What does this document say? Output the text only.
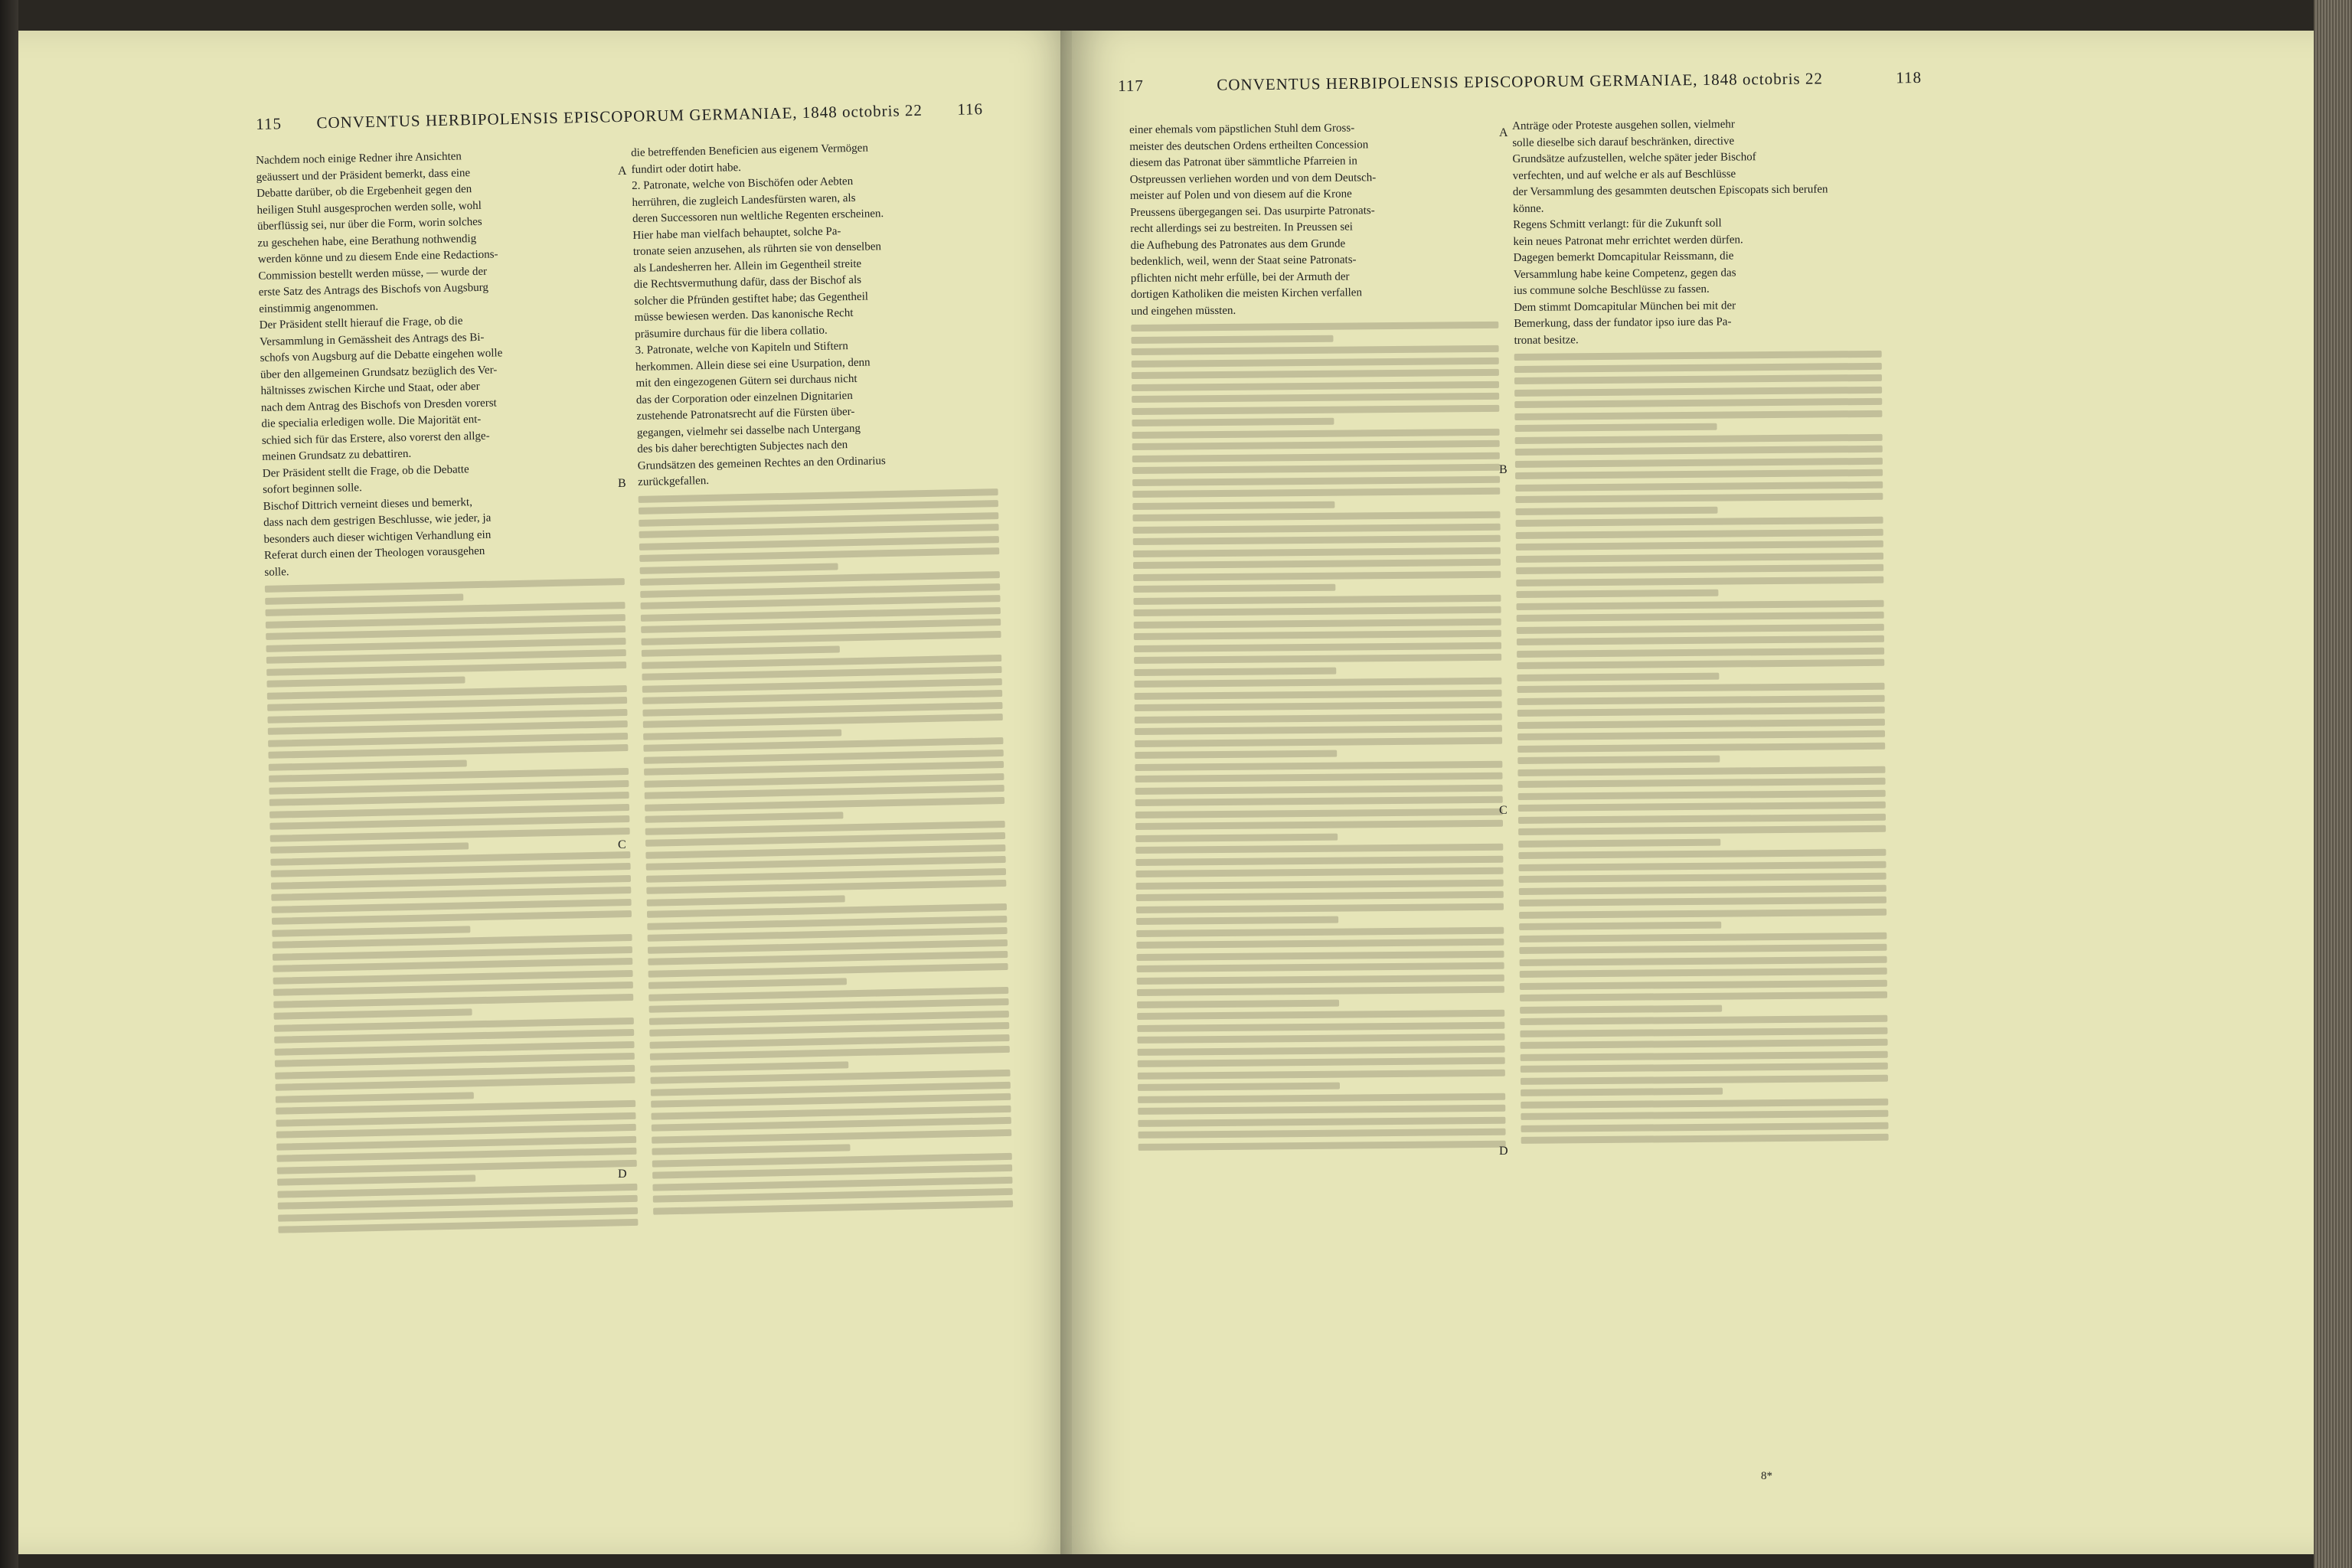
115 CONVENTUS HERBIPOLENSIS EPISCOPORUM GERMANIAE, 1848 octobris 22 116

Nachdem noch einige Redner ihre Ansichten

geäussert und der Präsident bemerkt, dass eine

Debatte darüber, ob die Ergebenheit gegen den

heiligen Stuhl ausgesprochen werden solle, wohl

überflüssig sei, nur über die Form, worin solches

zu geschehen habe, eine Berathung nothwendig

werden könne und zu diesem Ende eine Redactions-

Commission bestellt werden müsse, — wurde der

erste Satz des Antrags des Bischofs von Augsburg

einstimmig angenommen.

Der Präsident stellt hierauf die Frage, ob die

Versammlung in Gemässheit des Antrags des Bi-

schofs von Augsburg auf die Debatte eingehen wolle

über den allgemeinen Grundsatz bezüglich des Ver-

hältnisses zwischen Kirche und Staat, oder aber

nach dem Antrag des Bischofs von Dresden vorerst

die specialia erledigen wolle. Die Majorität ent-

schied sich für das Erstere, also vorerst den allge-

meinen Grundsatz zu debattiren.

Der Präsident stellt die Frage, ob die Debatte

sofort beginnen solle.

Bischof Dittrich verneint dieses und bemerkt,

dass nach dem gestrigen Beschlusse, wie jeder, ja

besonders auch dieser wichtigen Verhandlung ein

Referat durch einen der Theologen vorausgehen

solle.

die betreffenden Beneficien aus eigenem Vermögen

fundirt oder dotirt habe.

2. Patronate, welche von Bischöfen oder Aebten

herrühren, die zugleich Landesfürsten waren, als

deren Successoren nun weltliche Regenten erscheinen.

Hier habe man vielfach behauptet, solche Pa-

tronate seien anzusehen, als rührten sie von denselben

als Landesherren her. Allein im Gegentheil streite

die Rechtsvermuthung dafür, dass der Bischof als

solcher die Pfründen gestiftet habe; das Gegentheil

müsse bewiesen werden. Das kanonische Recht

präsumire durchaus für die libera collatio.

3. Patronate, welche von Kapiteln und Stiftern

herkommen. Allein diese sei eine Usurpation, denn

mit den eingezogenen Gütern sei durchaus nicht

das der Corporation oder einzelnen Dignitarien

zustehende Patronatsrecht auf die Fürsten über-

gegangen, vielmehr sei dasselbe nach Untergang

des bis daher berechtigten Subjectes nach den

Grundsätzen des gemeinen Rechtes an den Ordinarius

zurückgefallen.

A
B
C
D
117	CONVENTUS HERBIPOLENSIS EPISCOPORUM GERMANIAE, 1848 octobris 22	118

einer ehemals vom päpstlichen Stuhl dem Gross-

meister des deutschen Ordens ertheilten Concession

diesem das Patronat über sämmtliche Pfarreien in

Ostpreussen verliehen worden und von dem Deutsch-

meister auf Polen und von diesem auf die Krone

Preussens übergegangen sei. Das usurpirte Patronats-

recht allerdings sei zu bestreiten. In Preussen sei

die Aufhebung des Patronates aus dem Grunde

bedenklich, weil, wenn der Staat seine Patronats-

pflichten nicht mehr erfülle, bei der Armuth der

dortigen Katholiken die meisten Kirchen verfallen

und eingehen müssten.

Anträge oder Proteste ausgehen sollen, vielmehr

solle dieselbe sich darauf beschränken, directive

Grundsätze aufzustellen, welche später jeder Bischof

verfechten, und auf welche er als auf Beschlüsse

der Versammlung des gesammten deutschen Episcopats sich berufen

könne.

Regens Schmitt verlangt: für die Zukunft soll

kein neues Patronat mehr errichtet werden dürfen.

Dagegen bemerkt Domcapitular Reissmann, die

Versammlung habe keine Competenz, gegen das

ius commune solche Beschlüsse zu fassen.

Dem stimmt Domcapitular München bei mit der

Bemerkung, dass der fundator ipso iure das Pa-

tronat besitze.

A
B
C
D
8*
